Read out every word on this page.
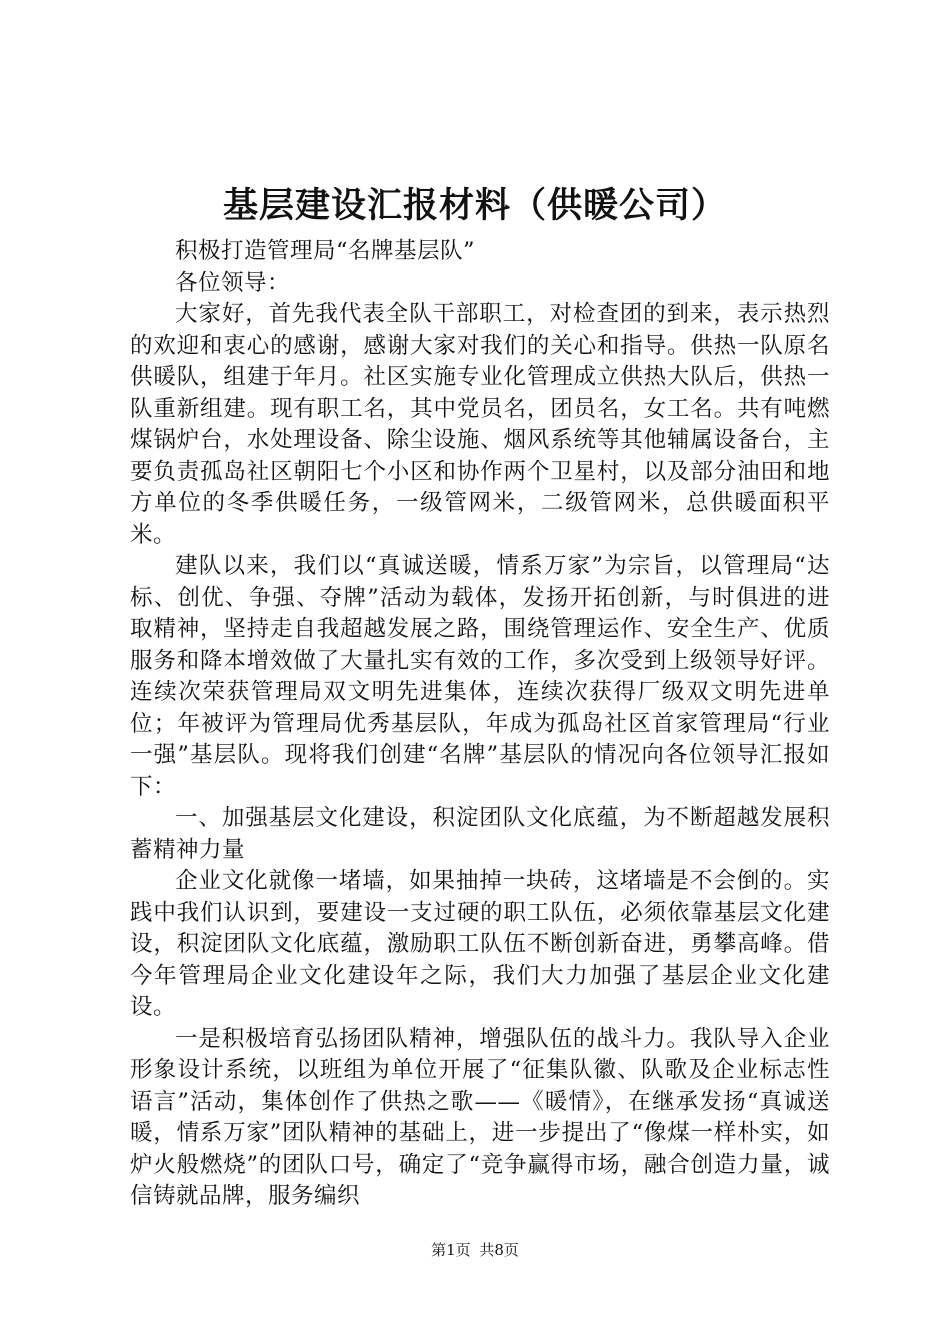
基层建设汇报材料（供暖公司）

积极打造管理局“名牌基层队”

各位领导：

大家好，首先我代表全队干部职工，对检查团的到来，表示热烈的欢迎和衷心的感谢，感谢大家对我们的关心和指导。供热一队原名供暖队，组建于年月。社区实施专业化管理成立供热大队后，供热一队重新组建。现有职工名，其中党员名，团员名，女工名。共有吨燃煤锅炉台，水处理设备、除尘设施、烟风系统等其他辅属设备台，主要负责孤岛社区朝阳七个小区和协作两个卫星村，以及部分油田和地方单位的冬季供暖任务，一级管网米，二级管网米，总供暖面积平米。

建队以来，我们以“真诚送暖，情系万家”为宗旨，以管理局“达标、创优、争强、夺牌”活动为载体，发扬开拓创新，与时俱进的进取精神，坚持走自我超越发展之路，围绕管理运作、安全生产、优质服务和降本增效做了大量扎实有效的工作，多次受到上级领导好评。连续次荣获管理局双文明先进集体，连续次获得厂级双文明先进单位；年被评为管理局优秀基层队，年成为孤岛社区首家管理局“行业一强”基层队。现将我们创建“名牌”基层队的情况向各位领导汇报如下：

一、加强基层文化建设，积淀团队文化底蕴，为不断超越发展积蓄精神力量

企业文化就像一堵墙，如果抽掉一块砖，这堵墙是不会倒的。实践中我们认识到，要建设一支过硬的职工队伍，必须依靠基层文化建设，积淀团队文化底蕴，激励职工队伍不断创新奋进，勇攀高峰。借今年管理局企业文化建设年之际，我们大力加强了基层企业文化建设。

一是积极培育弘扬团队精神，增强队伍的战斗力。我队导入企业形象设计系统，以班组为单位开展了“征集队徽、队歌及企业标志性语言”活动，集体创作了供热之歌——《暖情》，在继承发扬“真诚送暖，情系万家”团队精神的基础上，进一步提出了“像煤一样朴实，如炉火般燃烧”的团队口号，确定了“竞争赢得市场，融合创造力量，诚信铸就品牌，服务编织

第1页 共8页
